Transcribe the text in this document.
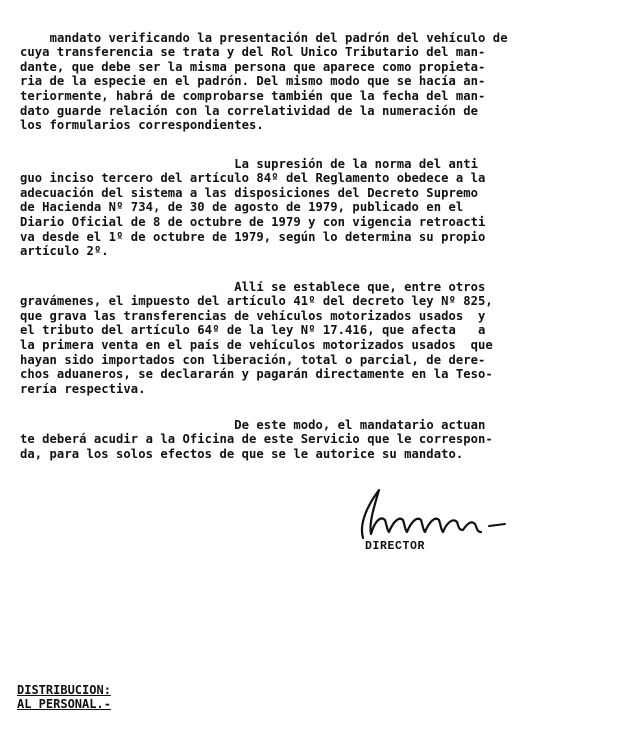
mandato verificando la presentación del padrón del vehículo de
cuya transferencia se trata y del Rol Unico Tributario del man-
dante, que debe ser la misma persona que aparece como propieta-
ria de la especie en el padrón. Del mismo modo que se hacía an-
teriormente, habrá de comprobarse también que la fecha del man-
dato guarde relación con la correlatividad de la numeración de
los formularios correspondientes.

La supresión de la norma del anti
guo inciso tercero del artículo 84º del Reglamento obedece a la
adecuación del sistema a las disposiciones del Decreto Supremo
de Hacienda Nº 734, de 30 de agosto de 1979, publicado en el
Diario Oficial de 8 de octubre de 1979 y con vigencia retroacti
va desde el 1º de octubre de 1979, según lo determina su propio
artículo 2º.

Allí se establece que, entre otros
gravámenes, el impuesto del artículo 41º del decreto ley Nº 825,
que grava las transferencias de vehículos motorizados usados  y
el tributo del artículo 64º de la ley Nº 17.416, que afecta   a
la primera venta en el país de vehículos motorizados usados  que
hayan sido importados con liberación, total o parcial, de dere-
chos aduaneros, se declararán y pagarán directamente en la Teso-
rería respectiva.

De este modo, el mandatario actuan
te deberá acudir a la Oficina de este Servicio que le correspon-
da, para los solos efectos de que se le autorice su mandato.

DIRECTOR
DISTRIBUCION:
AL PERSONAL.-
